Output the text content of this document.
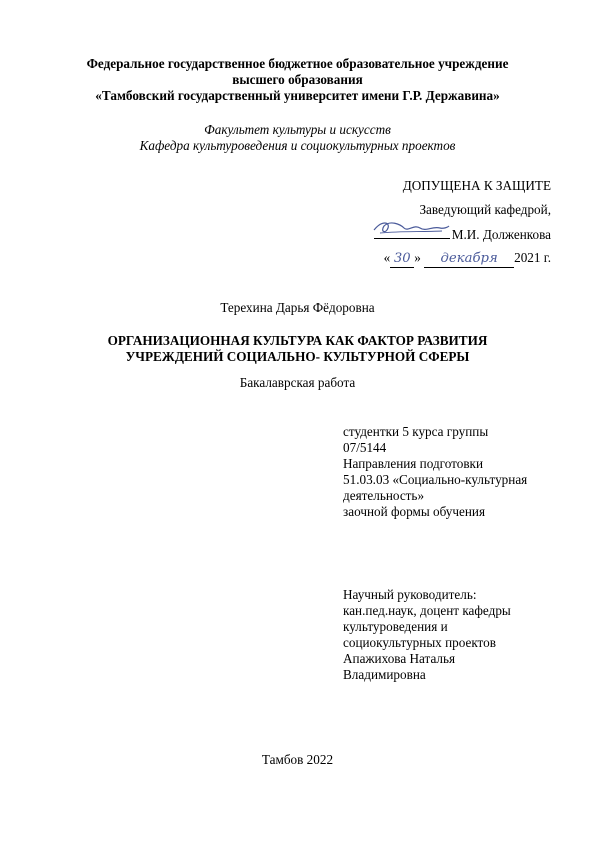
Федеральное государственное бюджетное образовательное учреждение
высшего образования
«Тамбовский государственный университет имени Г.Р. Державина»
Факультет культуры и искусств
Кафедра культуроведения и социокультурных проектов
ДОПУЩЕНА К ЗАЩИТЕ
Заведующий кафедрой,
М.И. Долженкова
« 30 » декабря 2021 г.
Терехина Дарья Фёдоровна
ОРГАНИЗАЦИОННАЯ КУЛЬТУРА КАК ФАКТОР РАЗВИТИЯ
УЧРЕЖДЕНИЙ СОЦИАЛЬНО- КУЛЬТУРНОЙ СФЕРЫ
Бакалаврская работа
студентки 5 курса группы
07/5144
Направления подготовки
51.03.03 «Социально-культурная
деятельность»
заочной формы обучения
Научный руководитель:
кан.пед.наук, доцент кафедры
культуроведения и
социокультурных проектов
Апажихова Наталья
Владимировна
Тамбов 2022
